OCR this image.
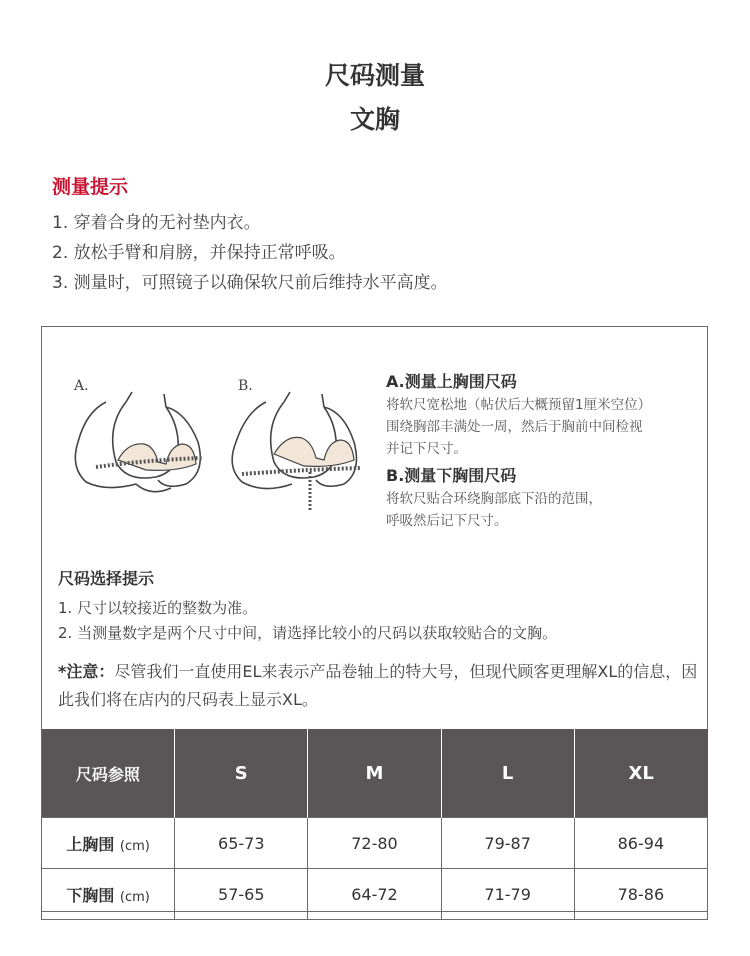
尺码测量
文胸
测量提示
1. 穿着合身的无衬垫内衣。
2. 放松手臂和肩膀，并保持正常呼吸。
3. 测量时，可照镜子以确保软尺前后维持水平高度。
A.	B.	A.测量上胸围尺码
将软尺宽松地（帖伏后大概预留1厘米空位）
围绕胸部丰满处一周，然后于胸前中间检视
并记下尺寸。
B.测量下胸围尺码
将软尺贴合环绕胸部底下沿的范围，
呼吸然后记下尺寸。
尺码选择提示
1. 尺寸以较接近的整数为准。
2. 当测量数字是两个尺寸中间，请选择比较小的尺码以获取较贴合的文胸。
*注意：尽管我们一直使用EL来表示产品卷轴上的特大号，但现代顾客更理解XL的信息，因此我们将在店内的尺码表上显示XL。
尺码参照	S	M	L	XL
上胸围 (cm)	65-73	72-80	79-87	86-94
下胸围 (cm)	57-65	64-72	71-79	78-86
